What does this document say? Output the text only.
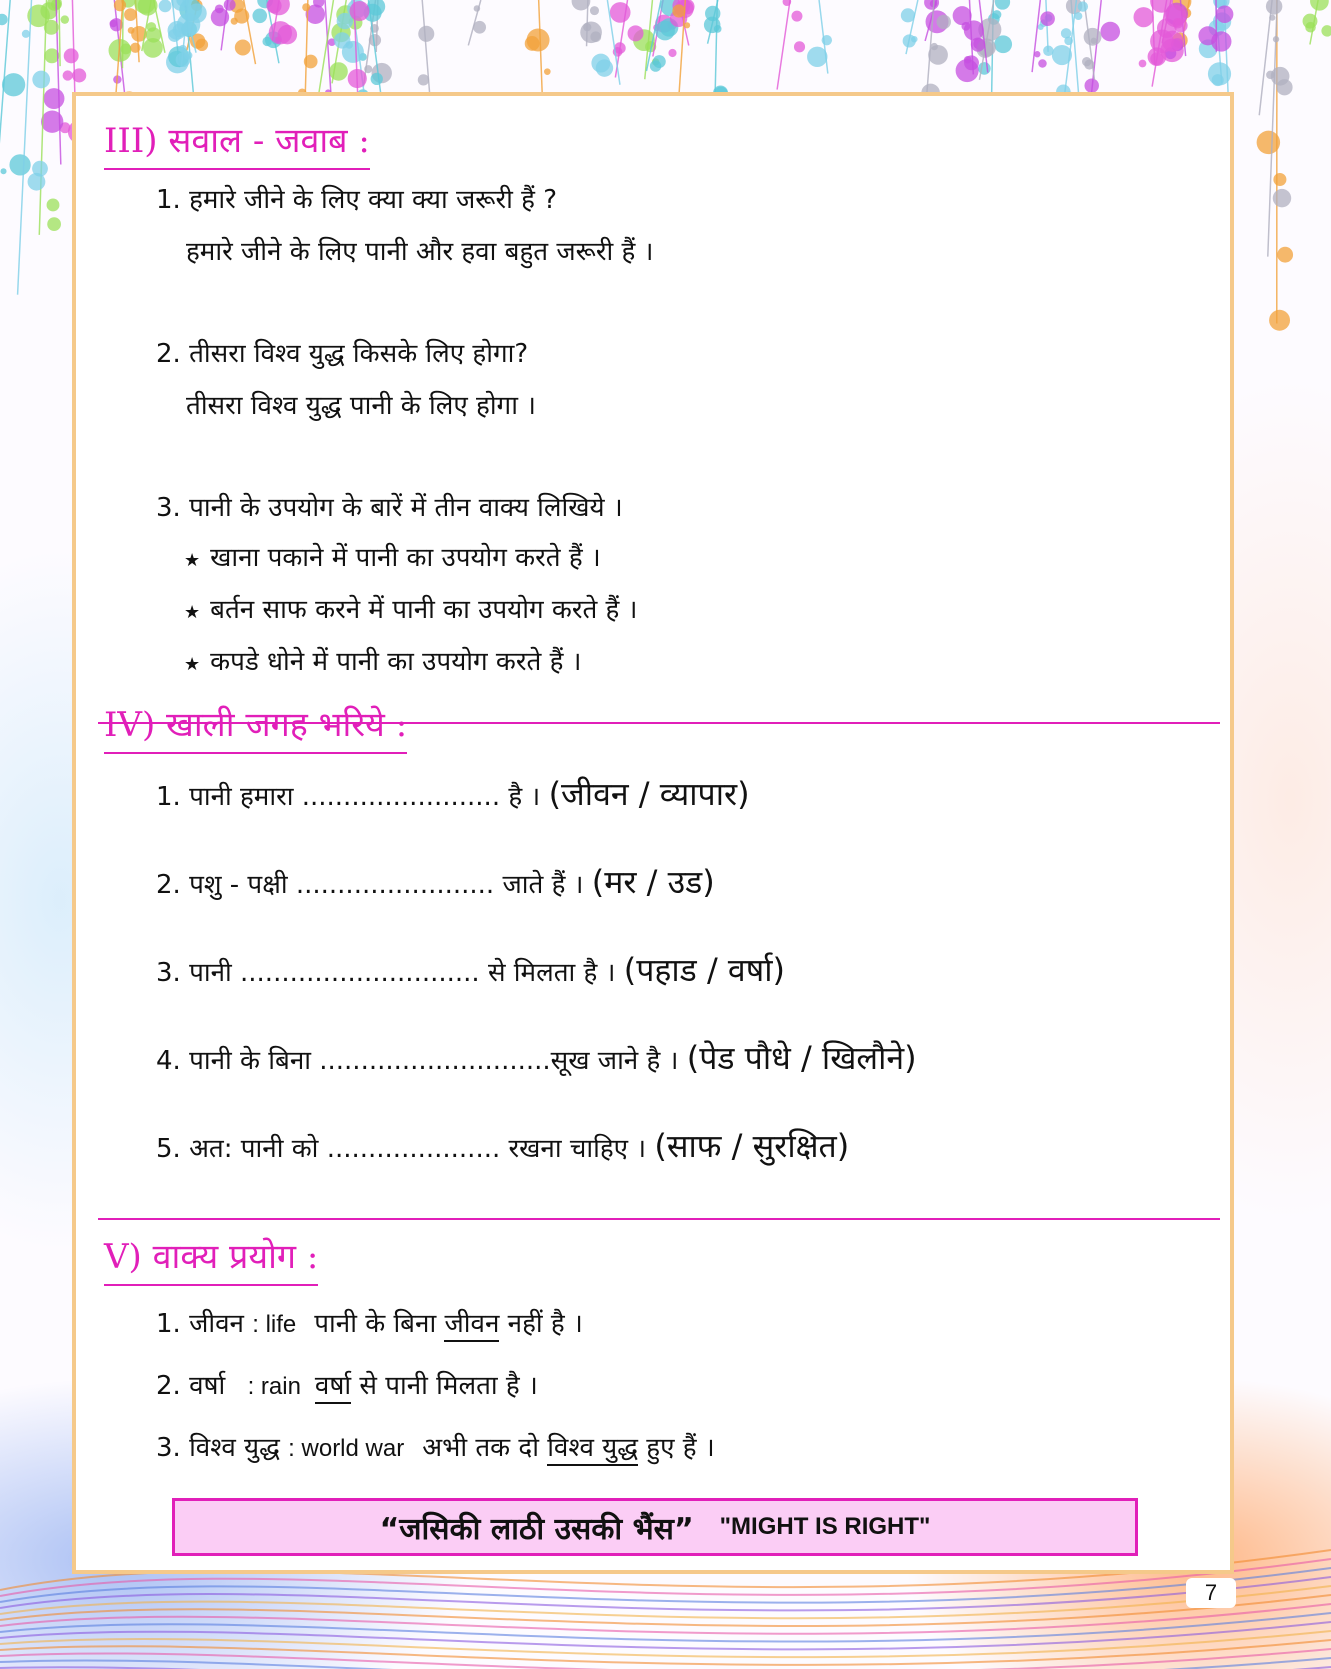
III) सवाल - जवाब :
1. हमारे जीने के लिए क्या क्या जरूरी हैं ?
हमारे जीने के लिए पानी और हवा बहुत जरूरी हैं ।
2. तीसरा विश्व युद्ध किसके लिए होगा?
तीसरा विश्व युद्ध पानी के लिए होगा ।
3. पानी के उपयोग के बारें में तीन वाक्य लिखिये ।
★ खाना पकाने में पानी का उपयोग करते हैं ।
★ बर्तन साफ करने में पानी का उपयोग करते हैं ।
★ कपडे धोने में पानी का उपयोग करते हैं ।
IV) खाली जगह भरिये :
1. पानी हमारा ........................ है । (जीवन / व्यापार)
2. पशु - पक्षी ........................ जाते हैं । (मर / उड)
3. पानी ............................. से मिलता है । (पहाड / वर्षा)
4. पानी के बिना ............................सूख जाने है । (पेड पौधे / खिलौने)
5. अत: पानी को ..................... रखना चाहिए । (साफ / सुरक्षित)
V) वाक्य प्रयोग :
1. जीवन : life पानी के बिना जीवन नहीं है ।
2. वर्षा : rain वर्षा से पानी मिलता है ।
3. विश्व युद्ध : world war अभी तक दो विश्व युद्ध हुए हैं ।
“जसिकी लाठी उसकी भैंस” "MIGHT IS RIGHT"
7
